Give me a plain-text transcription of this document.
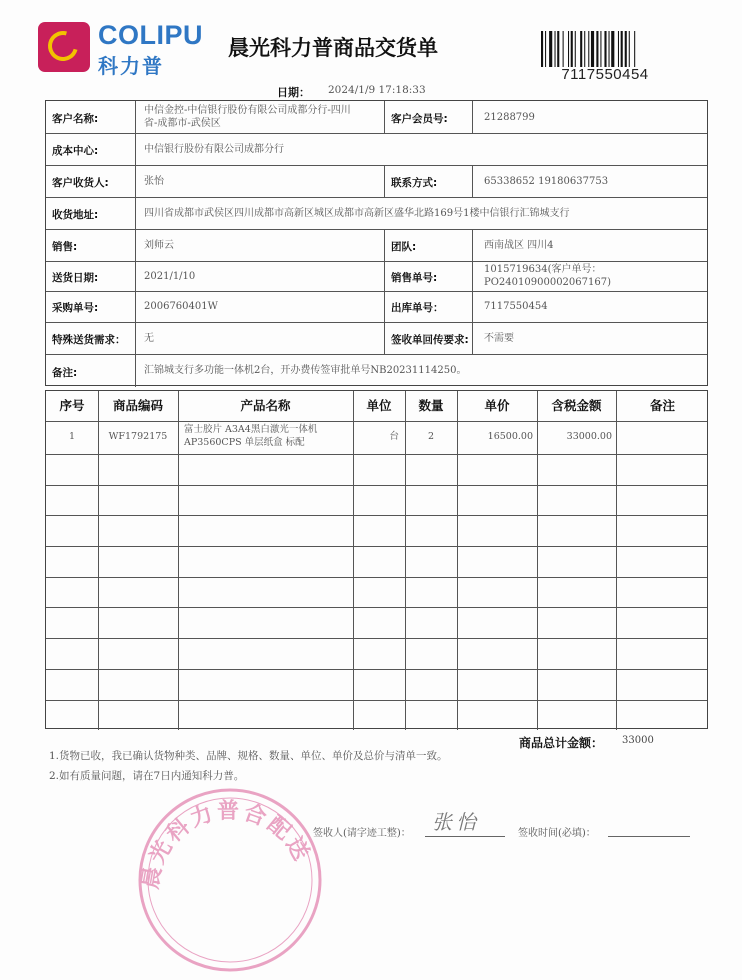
COLIPU
科力普
晨光科力普商品交货单
7117550454
日期： 2024/1/9 17:18:33
客户名称:
中信金控-中信银行股份有限公司成都分行-四川
省-成都市-武侯区	客户会员号:	21288799
成本中心:	中信银行股份有限公司成都分行
客户收货人:	张怡	联系方式:	65338652 19180637753
收货地址:	四川省成都市武侯区四川成都市高新区城区成都市高新区盛华北路169号1楼中信银行汇锦城支行
销售:	刘师云	团队:	西南战区 四川4
送货日期:	2021/1/10	销售单号:
1015719634(客户单号：
PO24010900002067167)
采购单号:	2006760401W	出库单号：	7117550454
特殊送货需求： 无	签收单回传要求: 不需要
备注:	汇锦城支行多功能一体机2台，开办费传签审批单号NB20231114250。
序号	商品编码	产品名称	单位	数量	单价	含税金额	备注
1	WF1792175
富士胶片 A3A4黑白激光一体机
AP3560CPS 单层纸盒 标配
台	2	16500.00	33000.00
商品总计金额： 33000
1.货物已收，我已确认货物种类、品牌、规格、数量、单位、单价及总价与清单一致。
2.如有质量问题，请在7日内通知科力普。
晨光科力普合配送
签收人(请字迹工整)： 张怡	签收时间(必填)：
